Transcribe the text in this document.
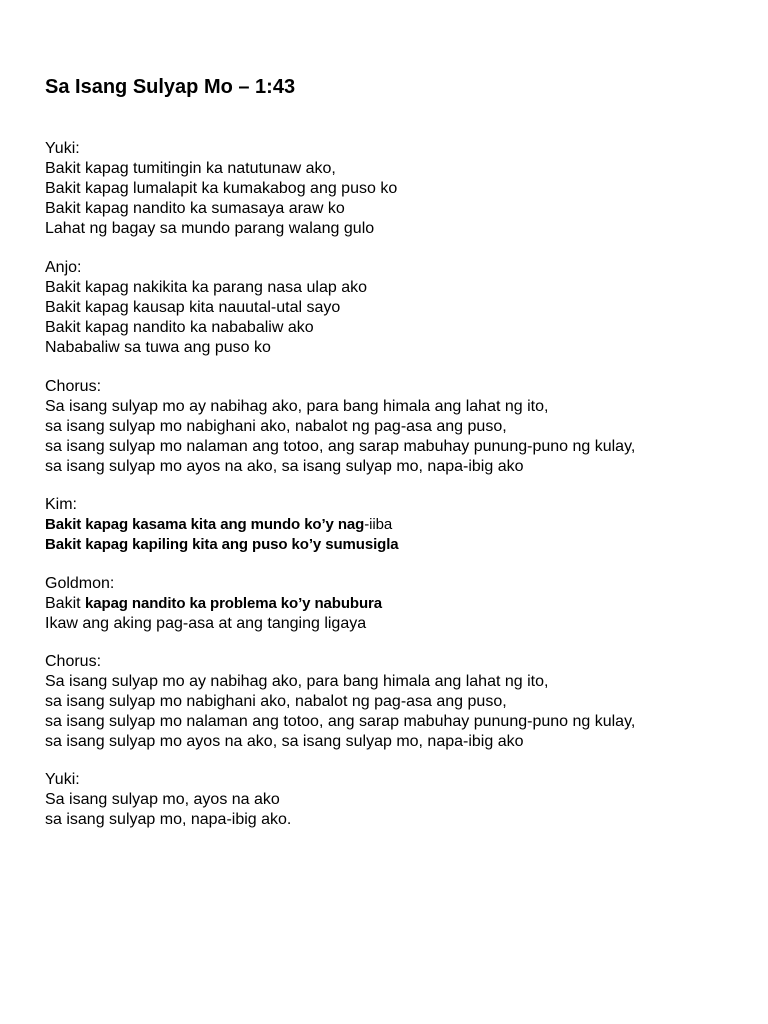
Sa Isang Sulyap Mo – 1:43
Yuki:
Bakit kapag tumitingin ka natutunaw ako,
Bakit kapag lumalapit ka kumakabog ang puso ko
Bakit kapag nandito ka sumasaya araw ko
Lahat ng bagay sa mundo parang walang gulo
Anjo:
Bakit kapag nakikita ka parang nasa ulap ako
Bakit kapag kausap kita nauutal-utal sayo
Bakit kapag nandito ka nababaliw ako
Nababaliw sa tuwa ang puso ko
Chorus:
Sa isang sulyap mo ay nabihag ako, para bang himala ang lahat ng ito,
sa isang sulyap mo nabighani ako, nabalot ng pag-asa ang puso,
sa isang sulyap mo nalaman ang totoo, ang sarap mabuhay punung-puno ng kulay,
sa isang sulyap mo ayos na ako, sa isang sulyap mo, napa-ibig ako
Kim:
Bakit kapag kasama kita ang mundo ko’y nag-iiba
Bakit kapag kapiling kita ang puso ko’y sumusigla
Goldmon:
Bakit kapag nandito ka problema ko’y nabubura
Ikaw ang aking pag-asa at ang tanging ligaya
Chorus:
Sa isang sulyap mo ay nabihag ako, para bang himala ang lahat ng ito,
sa isang sulyap mo nabighani ako, nabalot ng pag-asa ang puso,
sa isang sulyap mo nalaman ang totoo, ang sarap mabuhay punung-puno ng kulay,
sa isang sulyap mo ayos na ako, sa isang sulyap mo, napa-ibig ako
Yuki:
Sa isang sulyap mo, ayos na ako
sa isang sulyap mo, napa-ibig ako.
